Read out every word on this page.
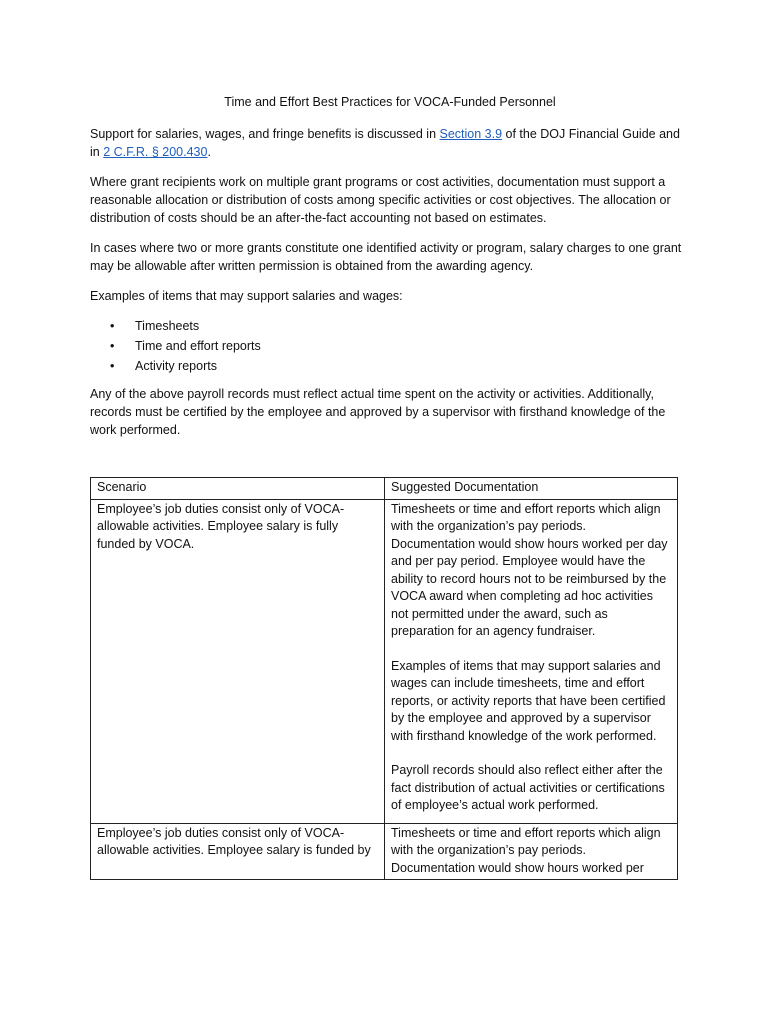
Time and Effort Best Practices for VOCA-Funded Personnel

Support for salaries, wages, and fringe benefits is discussed in Section 3.9 of the DOJ Financial Guide and in 2 C.F.R. § 200.430.

Where grant recipients work on multiple grant programs or cost activities, documentation must support a reasonable allocation or distribution of costs among specific activities or cost objectives. The allocation or distribution of costs should be an after-the-fact accounting not based on estimates.

In cases where two or more grants constitute one identified activity or program, salary charges to one grant may be allowable after written permission is obtained from the awarding agency.

Examples of items that may support salaries and wages:

• Timesheets
• Time and effort reports
• Activity reports

Any of the above payroll records must reflect actual time spent on the activity or activities. Additionally, records must be certified by the employee and approved by a supervisor with firsthand knowledge of the work performed.

Scenario	Suggested Documentation
Employee’s job duties consist only of VOCA-allowable activities. Employee salary is fully funded by VOCA.	Timesheets or time and effort reports which align with the organization’s pay periods. Documentation would show hours worked per day and per pay period. Employee would have the ability to record hours not to be reimbursed by the VOCA award when completing ad hoc activities not permitted under the award, such as preparation for an agency fundraiser.
Examples of items that may support salaries and wages can include timesheets, time and effort reports, or activity reports that have been certified by the employee and approved by a supervisor with firsthand knowledge of the work performed.
Payroll records should also reflect either after the fact distribution of actual activities or certifications of employee’s actual work performed.

Employee’s job duties consist only of VOCA-allowable activities. Employee salary is funded by	Timesheets or time and effort reports which align with the organization’s pay periods. Documentation would show hours worked per
